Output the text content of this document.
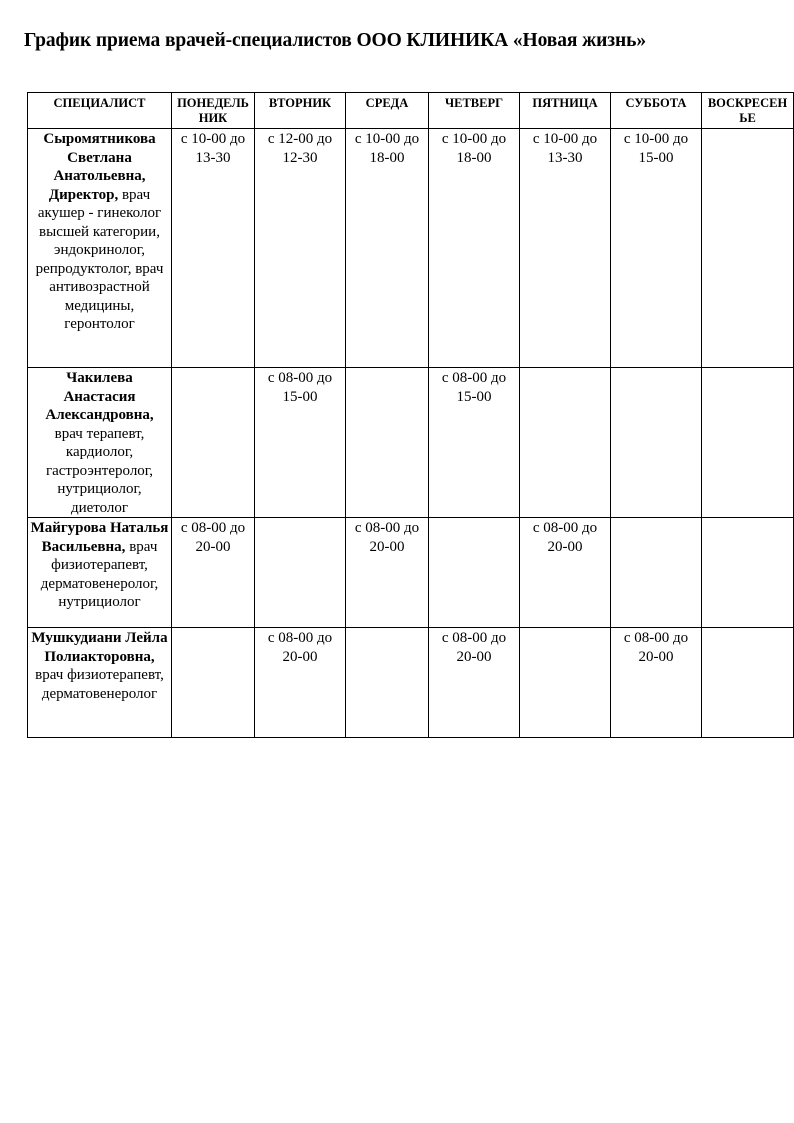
График приема врачей-специалистов ООО КЛИНИКА «Новая жизнь»
СПЕЦИАЛИСТ	ПОНЕДЕЛЬНИК	ВТОРНИК	СРЕДА	ЧЕТВЕРГ	ПЯТНИЦА	СУББОТА	ВОСКРЕСЕНЬЕ

Сыромятникова Светлана Анатольевна, Директор, врач акушер - гинеколог высшей категории, эндокринолог, репродуктолог, врач антивозрастной медицины, геронтолог	с 10-00 до 13-30	с 12-00 до 12-30	с 10-00 до 18-00	с 10-00 до 18-00	с 10-00 до 13-30	с 10-00 до 15-00	
Чакилева Анастасия Александровна, врач терапевт, кардиолог, гастроэнтеролог, нутрициолог, диетолог		с 08-00 до 15-00		с 08-00 до 15-00			
Майгурова Наталья Васильевна, врач физиотерапевт, дерматовенеролог, нутрициолог	с 08-00 до 20-00		с 08-00 до 20-00		с 08-00 до 20-00		
Мушкудиани Лейла Полиакторовна, врач физиотерапевт, дерматовенеролог		с 08-00 до 20-00		с 08-00 до 20-00		с 08-00 до 20-00	
